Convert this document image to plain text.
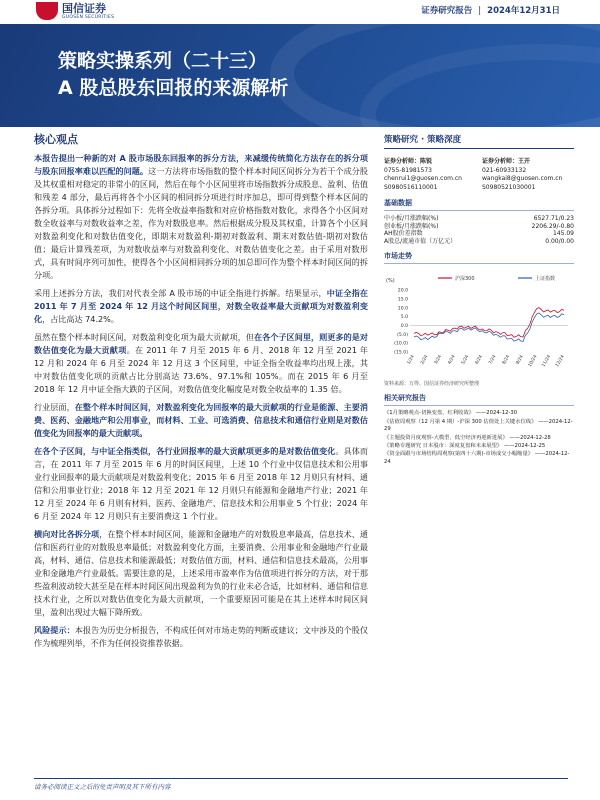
国信证券
GUOSEN SECURITIES
证券研究报告 | 2024年12月31日
策略实操系列（二十三）
A 股总股东回报的来源解析
核心观点

本报告提出一种新的对 A 股市场股东回报率的拆分方法，来减缓传统简化方法存在的拆分项与股东回报率难以匹配的问题。这一方法将市场指数的整个样本时间区间拆分为若干个成分股及其权重相对稳定的非常小的区间，然后在每个小区间里将市场指数拆分成股息、盈利、估值和残差 4 部分，最后再将各个小区间的相同拆分项进行时序加总，即可得到整个样本区间的各拆分项。具体拆分过程如下：先将全收益率指数和对应价格指数对数化，求得各个小区间对数全收益率与对数收益率之差，作为对数股息率。然后根据成分股及其权重，计算各个小区间对数盈利变化和对数估值变化，即期末对数盈利-期初对数盈利、期末对数估值-期初对数估值；最后计算残差项，为对数收益率与对数盈利变化、对数估值变化之差。由于采用对数形式，具有时间序列可加性，使得各个小区间相同拆分项的加总即可作为整个样本时间区间的拆分项。

采用上述拆分方法，我们对代表全部 A 股市场的中证全指进行拆解。结果显示，中证全指在 2011 年 7 月至 2024 年 12 月这个时间区间里，对数全收益率最大贡献项为对数盈利变化，占比高达 74.2%。

虽然在整个样本时间区间，对数盈利变化项为最大贡献项，但在各个子区间里，则更多的是对数估值变化为最大贡献项。在 2011 年 7 月至 2015 年 6 月、2018 年 12 月至 2021 年 12 月和 2024 年 6 月至 2024 年 12 月这 3 个区间里，中证全指全收益率均出现上涨，其中对数估值变化项的贡献占比分别高达 73.6%、97.1%和 105%。而在 2015 年 6 月至 2018 年 12 月中证全指大跌的子区间，对数估值变化幅度是对数全收益率的 1.35 倍。

行业层面，在整个样本时间区间，对数盈利变化为回报率的最大贡献项的行业是能源、主要消费、医药、金融地产和公用事业，而材料、工业、可选消费、信息技术和通信行业则是对数估值变化为回报率的最大贡献项。

在各个子区间，与中证全指类似，各行业回报率的最大贡献项更多的是对数估值变化。具体而言，在 2011 年 7 月至 2015 年 6 月的时间区间里，上述 10 个行业中仅信息技术和公用事业行业回报率的最大贡献项是对数盈利变化；2015 年 6 月至 2018 年 12 月则只有材料、通信和公用事业行业；2018 年 12 月至 2021 年 12 月则只有能源和金融地产行业；2021 年 12 月至 2024 年 6 月则有材料、医药、金融地产、信息技术和公用事业 5 个行业；2024 年 6 月至 2024 年 12 月则只有主要消费这 1 个行业。

横向对比各拆分项，在整个样本时间区间，能源和金融地产的对数股息率最高，信息技术、通信和医药行业的对数股息率最低；对数盈利变化方面，主要消费、公用事业和金融地产行业最高，材料、通信、信息技术和能源最低；对数估值方面，材料、通信和信息技术最高，公用事业和金融地产行业最低。需要注意的是，上述采用市盈率作为估值项进行拆分的方法，对于那些盈利波动较大甚至是在样本时间区间出现盈利为负的行业未必合适，比如材料、通信和信息技术行业，之所以对数估值变化为最大贡献项，一个重要原因可能是在其上述样本时间区间里，盈利出现过大幅下降所致。

风险提示：本报告为历史分析报告，不构成任何对市场走势的判断或建议；文中涉及的个股仅作为梳理列举，不作为任何投资推荐依据。

策略研究 · 策略深度
证券分析师：陈锐
0755-81981573
chenrui1@guosen.com.cn
S0980516110001
证券分析师：王开
021-60933132
wangkai8@guosen.com.cn
S0980521030001
基础数据
中小板/月涨跌幅(%)	6527.71/0.23
创业板/月涨跌幅(%)	2206.29/-0.80
AH股价差指数	145.09
A股总/流通市值（万亿元）	0.00/0.00
市场走势
(%)	沪深300	上证指数
20.0
15.0
10.0
5.0
0.0
(5.0)
(10.0)
(15.0)
1/24 2/24 3/24 4/24 5/24 6/24 7/24 8/24 9/24 10/24 11/24 12/24
资料来源：万得、国信证券经济研究所整理
相关研究报告
《1月策略观点-切换变盘，红利收敛》 ——2024-12-30
《估值周观察（12 月第 4 期）-沪深 300 估值处上关键水位线》 ——2024-12-29
《主题投资月度观察-大模型、低空经济再迎新进展》 ——2024-12-28
《策略专题研究 日本股市：深度复盘和未来展望》 ——2024-12-25
《资金面跟与市场结构周观察(第四十六期)-市场成交小幅缩量》 ——2024-12-24
请务必阅读正文之后的免责声明及其下所有内容
